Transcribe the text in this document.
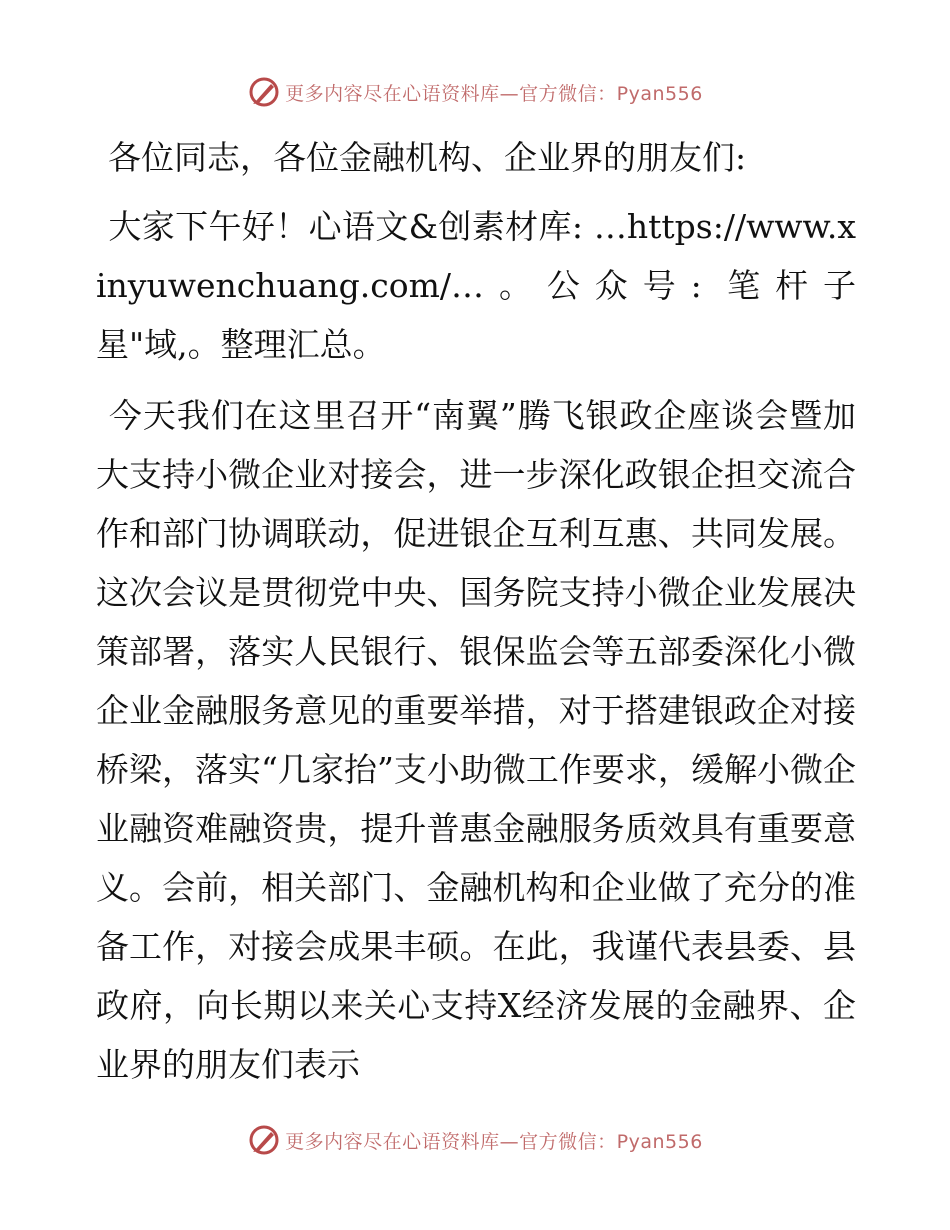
更多内容尽在心语资料库—官方微信：Pyan556

各位同志，各位金融机构、企业界的朋友们:

大家下午好！心语文&创素材库: …https://www.xinyuwenchuang.com/…。公众号: 笔杆子星"域,。整理汇总。

今天我们在这里召开“南翼”腾飞银政企座谈会暨加大支持小微企业对接会，进一步深化政银企担交流合作和部门协调联动，促进银企互利互惠、共同发展。这次会议是贯彻党中央、国务院支持小微企业发展决策部署，落实人民银行、银保监会等五部委深化小微企业金融服务意见的重要举措，对于搭建银政企对接桥梁，落实“几家抬”支小助微工作要求，缓解小微企业融资难融资贵，提升普惠金融服务质效具有重要意义。会前，相关部门、金融机构和企业做了充分的准备工作，对接会成果丰硕。在此，我谨代表县委、县政府，向长期以来关心支持X经济发展的金融界、企业界的朋友们表示

更多内容尽在心语资料库—官方微信：Pyan556
